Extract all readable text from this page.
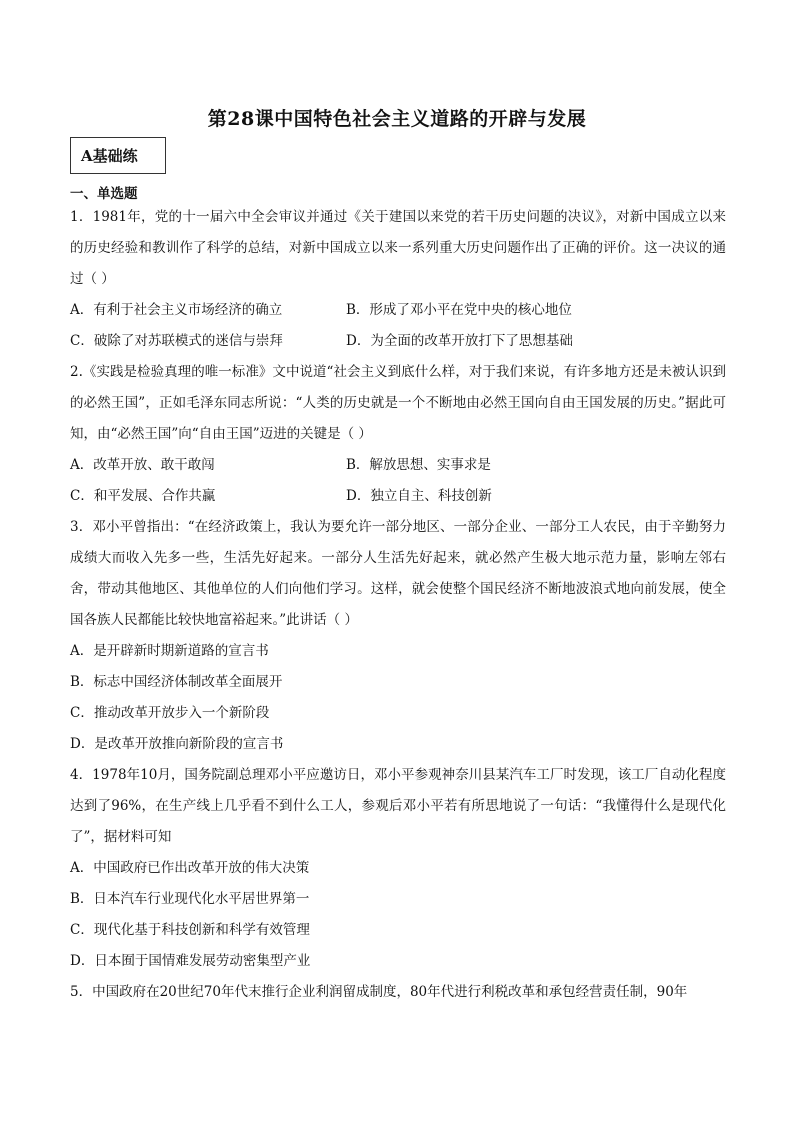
第28课中国特色社会主义道路的开辟与发展
A基础练
一、单选题
1．1981年，党的十一届六中全会审议并通过《关于建国以来党的若干历史问题的决议》，对新中国成立以来的历史经验和教训作了科学的总结，对新中国成立以来一系列重大历史问题作出了正确的评价。这一决议的通过（ ）
A．有利于社会主义市场经济的确立	B．形成了邓小平在党中央的核心地位
C．破除了对苏联模式的迷信与崇拜	D．为全面的改革开放打下了思想基础
2.《实践是检验真理的唯一标准》文中说道“社会主义到底什么样，对于我们来说，有许多地方还是未被认识到的必然王国”，正如毛泽东同志所说：“人类的历史就是一个不断地由必然王国向自由王国发展的历史。”据此可知，由“必然王国”向“自由王国”迈进的关键是（ ）
A．改革开放、敢干敢闯	B．解放思想、实事求是
C．和平发展、合作共赢	D．独立自主、科技创新
3．邓小平曾指出：“在经济政策上，我认为要允许一部分地区、一部分企业、一部分工人农民，由于辛勤努力成绩大而收入先多一些，生活先好起来。一部分人生活先好起来，就必然产生极大地示范力量，影响左邻右舍，带动其他地区、其他单位的人们向他们学习。这样，就会使整个国民经济不断地波浪式地向前发展，使全国各族人民都能比较快地富裕起来。”此讲话（ ）
A．是开辟新时期新道路的宣言书
B．标志中国经济体制改革全面展开
C．推动改革开放步入一个新阶段
D．是改革开放推向新阶段的宣言书
4．1978年10月，国务院副总理邓小平应邀访日，邓小平参观神奈川县某汽车工厂时发现，该工厂自动化程度达到了96%，在生产线上几乎看不到什么工人，参观后邓小平若有所思地说了一句话：“我懂得什么是现代化了”，据材料可知
A．中国政府已作出改革开放的伟大决策
B．日本汽车行业现代化水平居世界第一
C．现代化基于科技创新和科学有效管理
D．日本囿于国情难发展劳动密集型产业
5．中国政府在20世纪70年代末推行企业利润留成制度，80年代进行利税改革和承包经营责任制，90年
